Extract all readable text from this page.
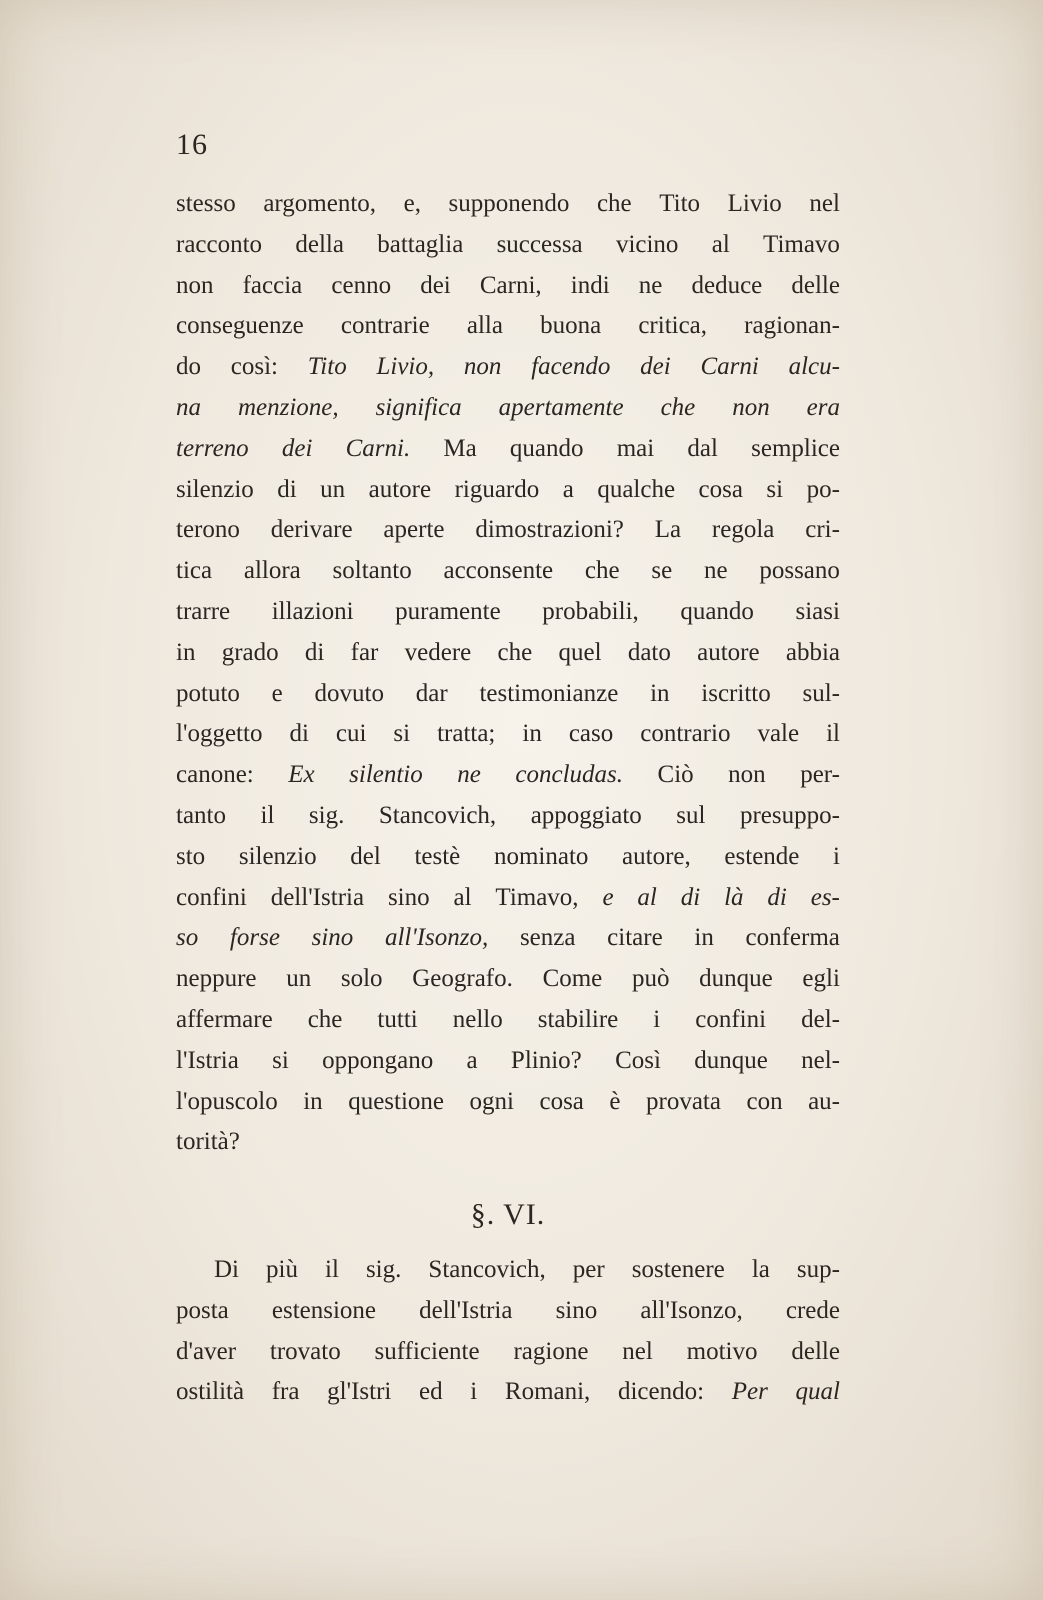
16
stesso argomento, e, supponendo che Tito Livio nel
racconto della battaglia successa vicino al Timavo
non faccia cenno dei Carni, indi ne deduce delle
conseguenze contrarie alla buona critica, ragionan-
do così: Tito Livio, non facendo dei Carni alcu-
na menzione, significa apertamente che non era
terreno dei Carni. Ma quando mai dal semplice
silenzio di un autore riguardo a qualche cosa si po-
terono derivare aperte dimostrazioni? La regola cri-
tica allora soltanto acconsente che se ne possano
trarre illazioni puramente probabili, quando siasi
in grado di far vedere che quel dato autore abbia
potuto e dovuto dar testimonianze in iscritto sul-
l'oggetto di cui si tratta; in caso contrario vale il
canone: Ex silentio ne concludas. Ciò non per-
tanto il sig. Stancovich, appoggiato sul presuppo-
sto silenzio del testè nominato autore, estende i
confini dell'Istria sino al Timavo, e al di là di es-
so forse sino all'Isonzo, senza citare in conferma
neppure un solo Geografo. Come può dunque egli
affermare che tutti nello stabilire i confini del-
l'Istria si oppongano a Plinio? Così dunque nel-
l'opuscolo in questione ogni cosa è provata con au-
torità?
§. VI.
Di più il sig. Stancovich, per sostenere la sup-
posta estensione dell'Istria sino all'Isonzo, crede
d'aver trovato sufficiente ragione nel motivo delle
ostilità fra gl'Istri ed i Romani, dicendo: Per qual
